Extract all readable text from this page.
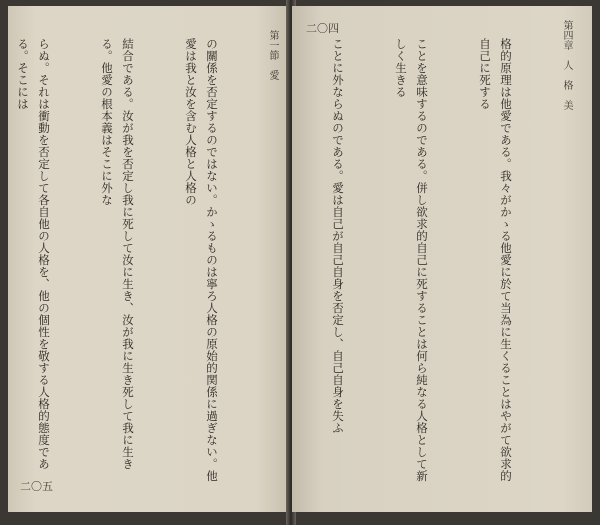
の關係を否定するのではない。かゝるものは寧ろ人格の原始的関係に過ぎない。他愛は我と汝を含む人格と人格の

結合である。汝が我を否定し我に死して汝に生き、汝が我に生き死して我に生きる。他愛の根本義はそこに外な

らぬ。それは衝動を否定して各自他の人格を、他の個性を敬する人格的態度である。そこには

	第一節　愛
二〇五
第四章　人　格　美

格的原理は他愛である。我々がかゝる他愛に於て当為に生くることはやがて欲求的自己に死する

ことを意味するのである。併し欲求的自己に死することは何ら純なる人格として新しく生きる

ことに外ならぬのである。愛は自己が自己自身を否定し、自己自身を失ふ

二〇四
